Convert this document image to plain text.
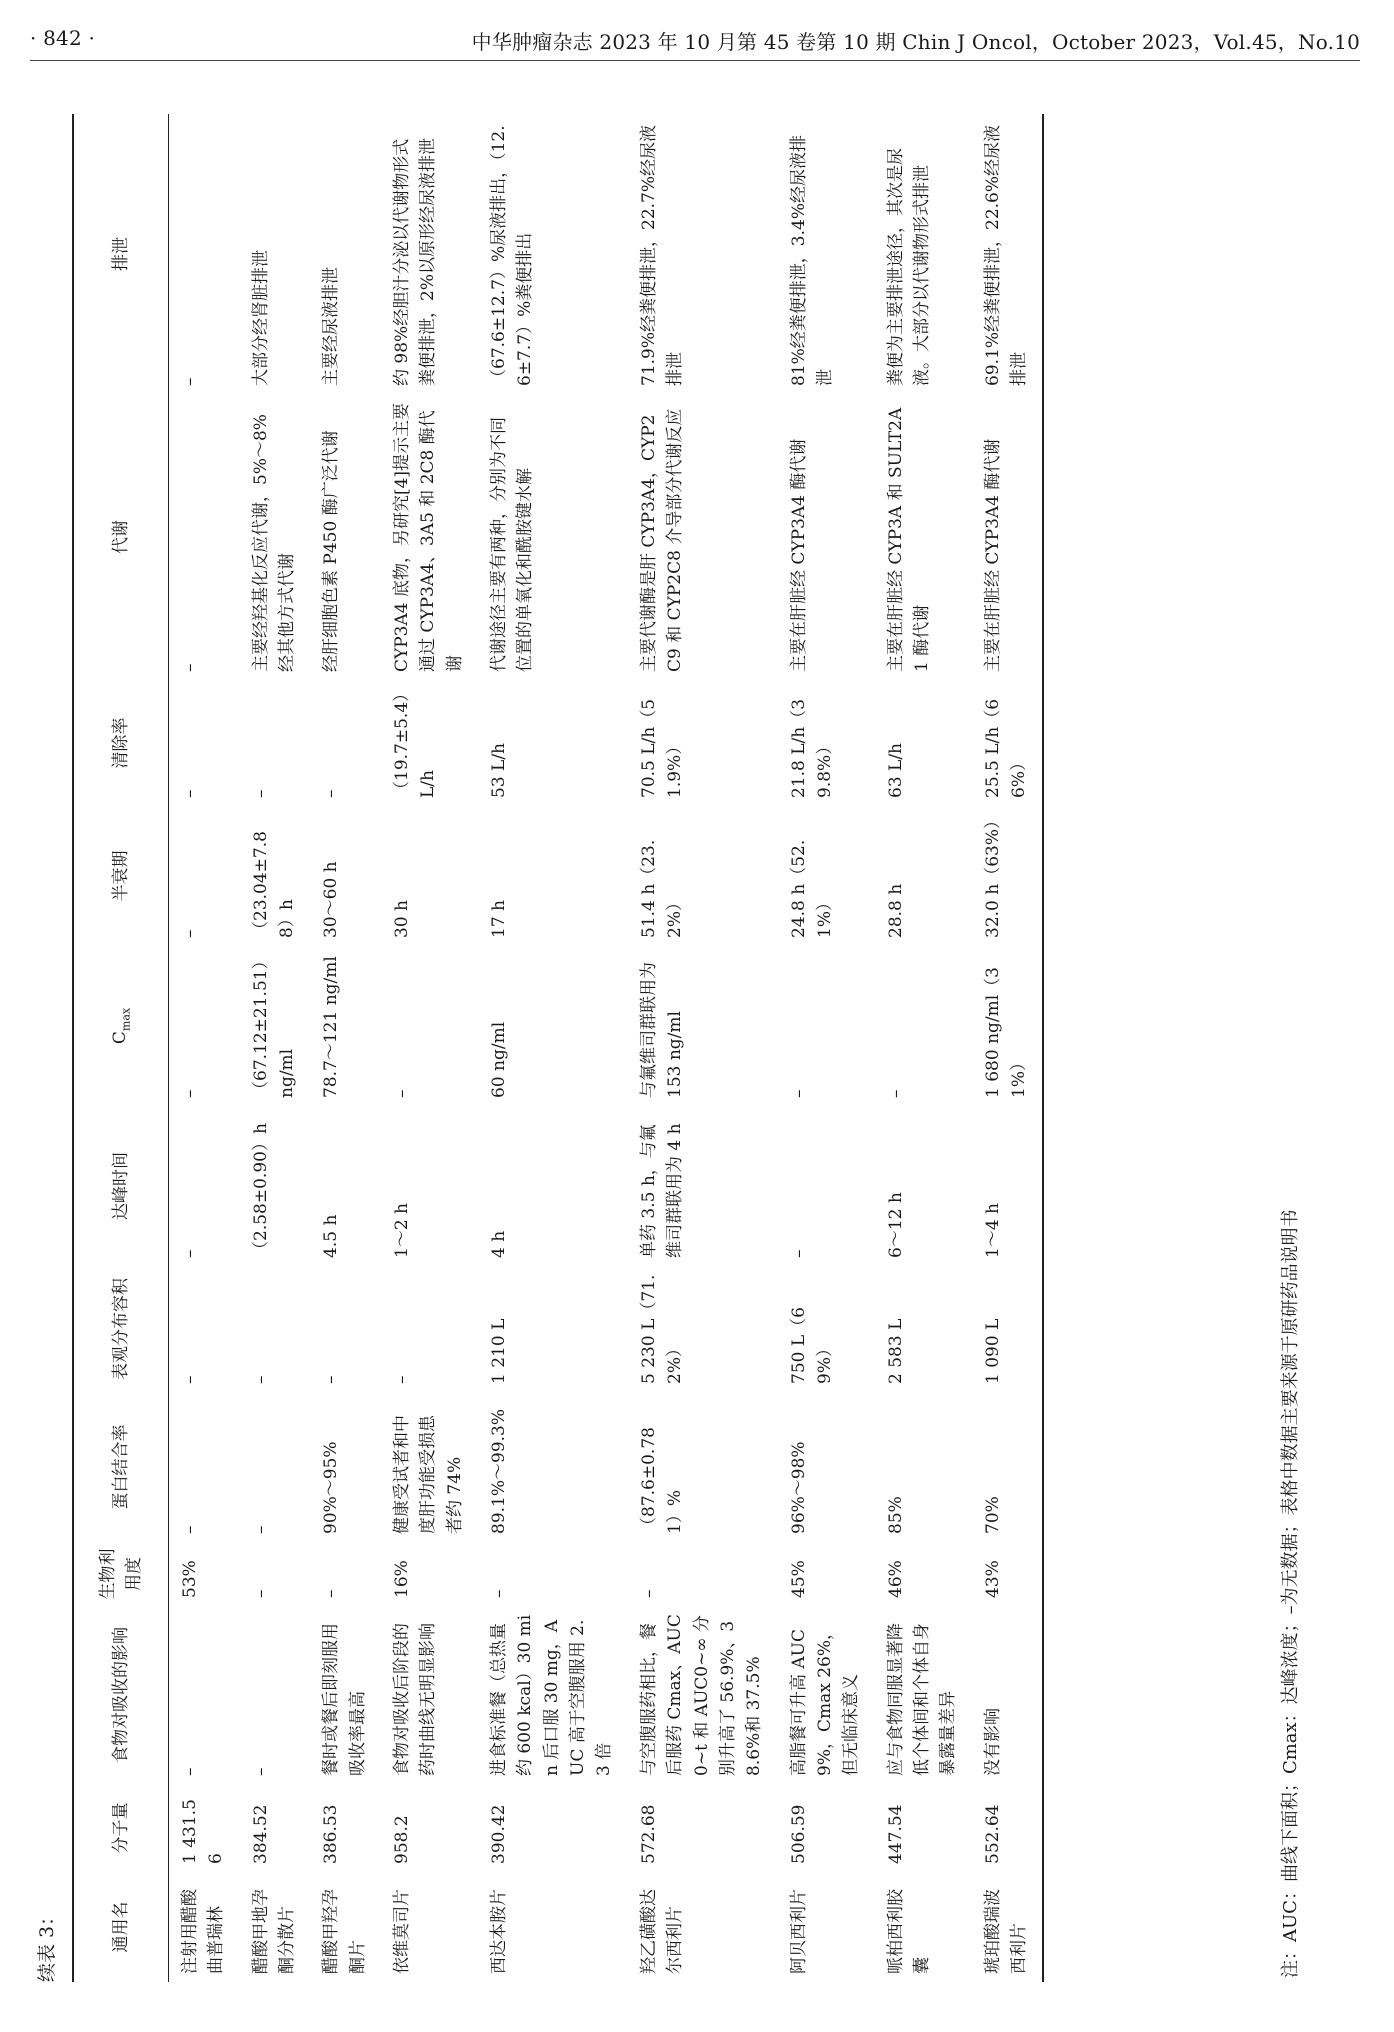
· 842 ·	中华肿瘤杂志 2023 年 10 月第 45 卷第 10 期 Chin J Oncol，October 2023，Vol.45，No.10
续表 3：	通用名	分子量	食物对吸收的影响	生物利用度	蛋白结合率	表观分布容积	达峰时间	$C_{max}$	半衰期	清除率	代谢	排泄
注射用醋酸曲普瑞林	1 431.56	–	53%	–	–	–	–	–	–	–	–
醋酸甲地孕酮分散片	384.52	–	–	–	–	（2.58±0.90）h	（67.12±21.51）ng/ml	（23.04±7.88）h	–	主要经羟基化反应代谢，5%～8%经其他方式代谢	大部分经肾脏排泄
醋酸甲羟孕酮片	386.53	餐时或餐后即刻服用吸收率最高	–	90%～95%	–	4.5 h	78.7～121 ng/ml	30～60 h	–	经肝细胞色素 P450 酶广泛代谢	主要经尿液排泄
依维莫司片	958.2	食物对吸收后阶段的药时曲线无明显影响	16%	健康受试者和中度肝功能受损患者约 74%	–	1～2 h	–	30 h	（19.7±5.4）L/h	CYP3A4 底物，另研究[4]提示主要通过 CYP3A4、3A5 和 2C8 酶代谢	约 98%经胆汁分泌以代谢物形式粪便排泄，2%以原形经尿液排泄
西达本胺片	390.42	进食标准餐（总热量约 600 kcal）30 min 后口服 30 mg，AUC 高于空腹服用 2.3 倍	–	89.1%～99.3%	1 210 L	4 h	60 ng/ml	17 h	53 L/h	代谢途径主要有两种，分别为不同位置的单氧化和酰胺键水解	（67.6±12.7）%尿液排出，（12.6±7.7）%粪便排出
羟乙磺酸达尔西利片	572.68	与空腹服药相比，餐后服药 Cmax、AUC0~t 和 AUC0~∞ 分别升高了 56.9%、38.6%和 37.5%	–	（87.6±0.781）%	5 230 L（71.2%）	单药 3.5 h，与氟维司群联用为 4 h	与氟维司群联用为 153 ng/ml	51.4 h（23.2%）	70.5 L/h（51.9%）	主要代谢酶是肝 CYP3A4，CYP2C9 和 CYP2C8 介导部分代谢反应	71.9%经粪便排泄，22.7%经尿液排泄
阿贝西利片	506.59	高脂餐可升高 AUC 9%，Cmax 26%，但无临床意义	45%	96%～98%	750 L（69%）	–	–	24.8 h（52.1%）	21.8 L/h（39.8%）	主要在肝脏经 CYP3A4 酶代谢	81%经粪便排泄，3.4%经尿液排泄
哌柏西利胶囊	447.54	应与食物同服显著降低个体间和个体自身暴露量差异	46%	85%	2 583 L	6～12 h	–	28.8 h	63 L/h	主要在肝脏经 CYP3A 和 SULT2A1 酶代谢	粪便为主要排泄途径，其次是尿液。大部分以代谢物形式排泄
琥珀酸瑞波西利片	552.64	没有影响	43%	70%	1 090 L	1～4 h	1 680 ng/ml（31%）	32.0 h（63%）	25.5 L/h（66%）	主要在肝脏经 CYP3A4 酶代谢	69.1%经粪便排泄，22.6%经尿液排泄
注：AUC：曲线下面积；Cmax：达峰浓度；–为无数据；表格中数据主要来源于原研药品说明书
